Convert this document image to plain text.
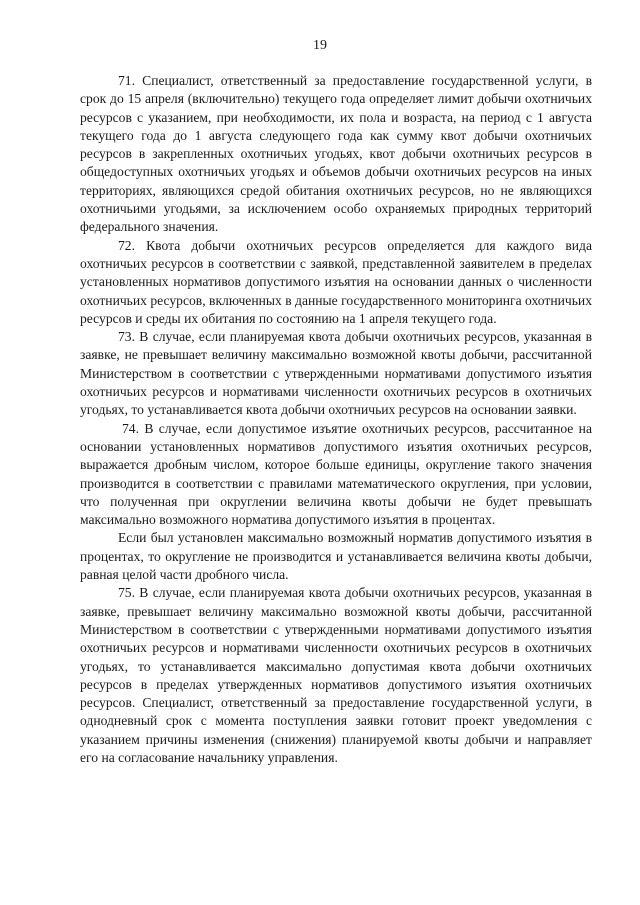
19

71. Специалист, ответственный за предоставление государственной услуги, в срок до 15 апреля (включительно) текущего года определяет лимит добычи охотничьих ресурсов с указанием, при необходимости, их пола и возраста, на период с 1 августа текущего года до 1 августа следующего года как сумму квот добычи охотничьих ресурсов в закрепленных охотничьих угодьях, квот добычи охотничьих ресурсов в общедоступных охотничьих угодьях и объемов добычи охотничьих ресурсов на иных территориях, являющихся средой обитания охотничьих ресурсов, но не являющихся охотничьими угодьями, за исключением особо охраняемых природных территорий федерального значения.

72. Квота добычи охотничьих ресурсов определяется для каждого вида охотничьих ресурсов в соответствии с заявкой, представленной заявителем в пределах установленных нормативов допустимого изъятия на основании данных о численности охотничьих ресурсов, включенных в данные государственного мониторинга охотничьих ресурсов и среды их обитания по состоянию на 1 апреля текущего года.

73. В случае, если планируемая квота добычи охотничьих ресурсов, указанная в заявке, не превышает величину максимально возможной квоты добычи, рассчитанной Министерством в соответствии с утвержденными нормативами допустимого изъятия охотничьих ресурсов и нормативами численности охотничьих ресурсов в охотничьих угодьях, то устанавливается квота добычи охотничьих ресурсов на основании заявки.

74. В случае, если допустимое изъятие охотничьих ресурсов, рассчитанное на основании установленных нормативов допустимого изъятия охотничьих ресурсов, выражается дробным числом, которое больше единицы, округление такого значения производится в соответствии с правилами математического округления, при условии, что полученная при округлении величина квоты добычи не будет превышать максимально возможного норматива допустимого изъятия в процентах.

Если был установлен максимально возможный норматив допустимого изъятия в процентах, то округление не производится и устанавливается величина квоты добычи, равная целой части дробного числа.

75. В случае, если планируемая квота добычи охотничьих ресурсов, указанная в заявке, превышает величину максимально возможной квоты добычи, рассчитанной Министерством в соответствии с утвержденными нормативами допустимого изъятия охотничьих ресурсов и нормативами численности охотничьих ресурсов в охотничьих угодьях, то устанавливается максимально допустимая квота добычи охотничьих ресурсов в пределах утвержденных нормативов допустимого изъятия охотничьих ресурсов. Специалист, ответственный за предоставление государственной услуги, в однодневный срок с момента поступления заявки готовит проект уведомления с указанием причины изменения (снижения) планируемой квоты добычи и направляет его на согласование начальнику управления.
